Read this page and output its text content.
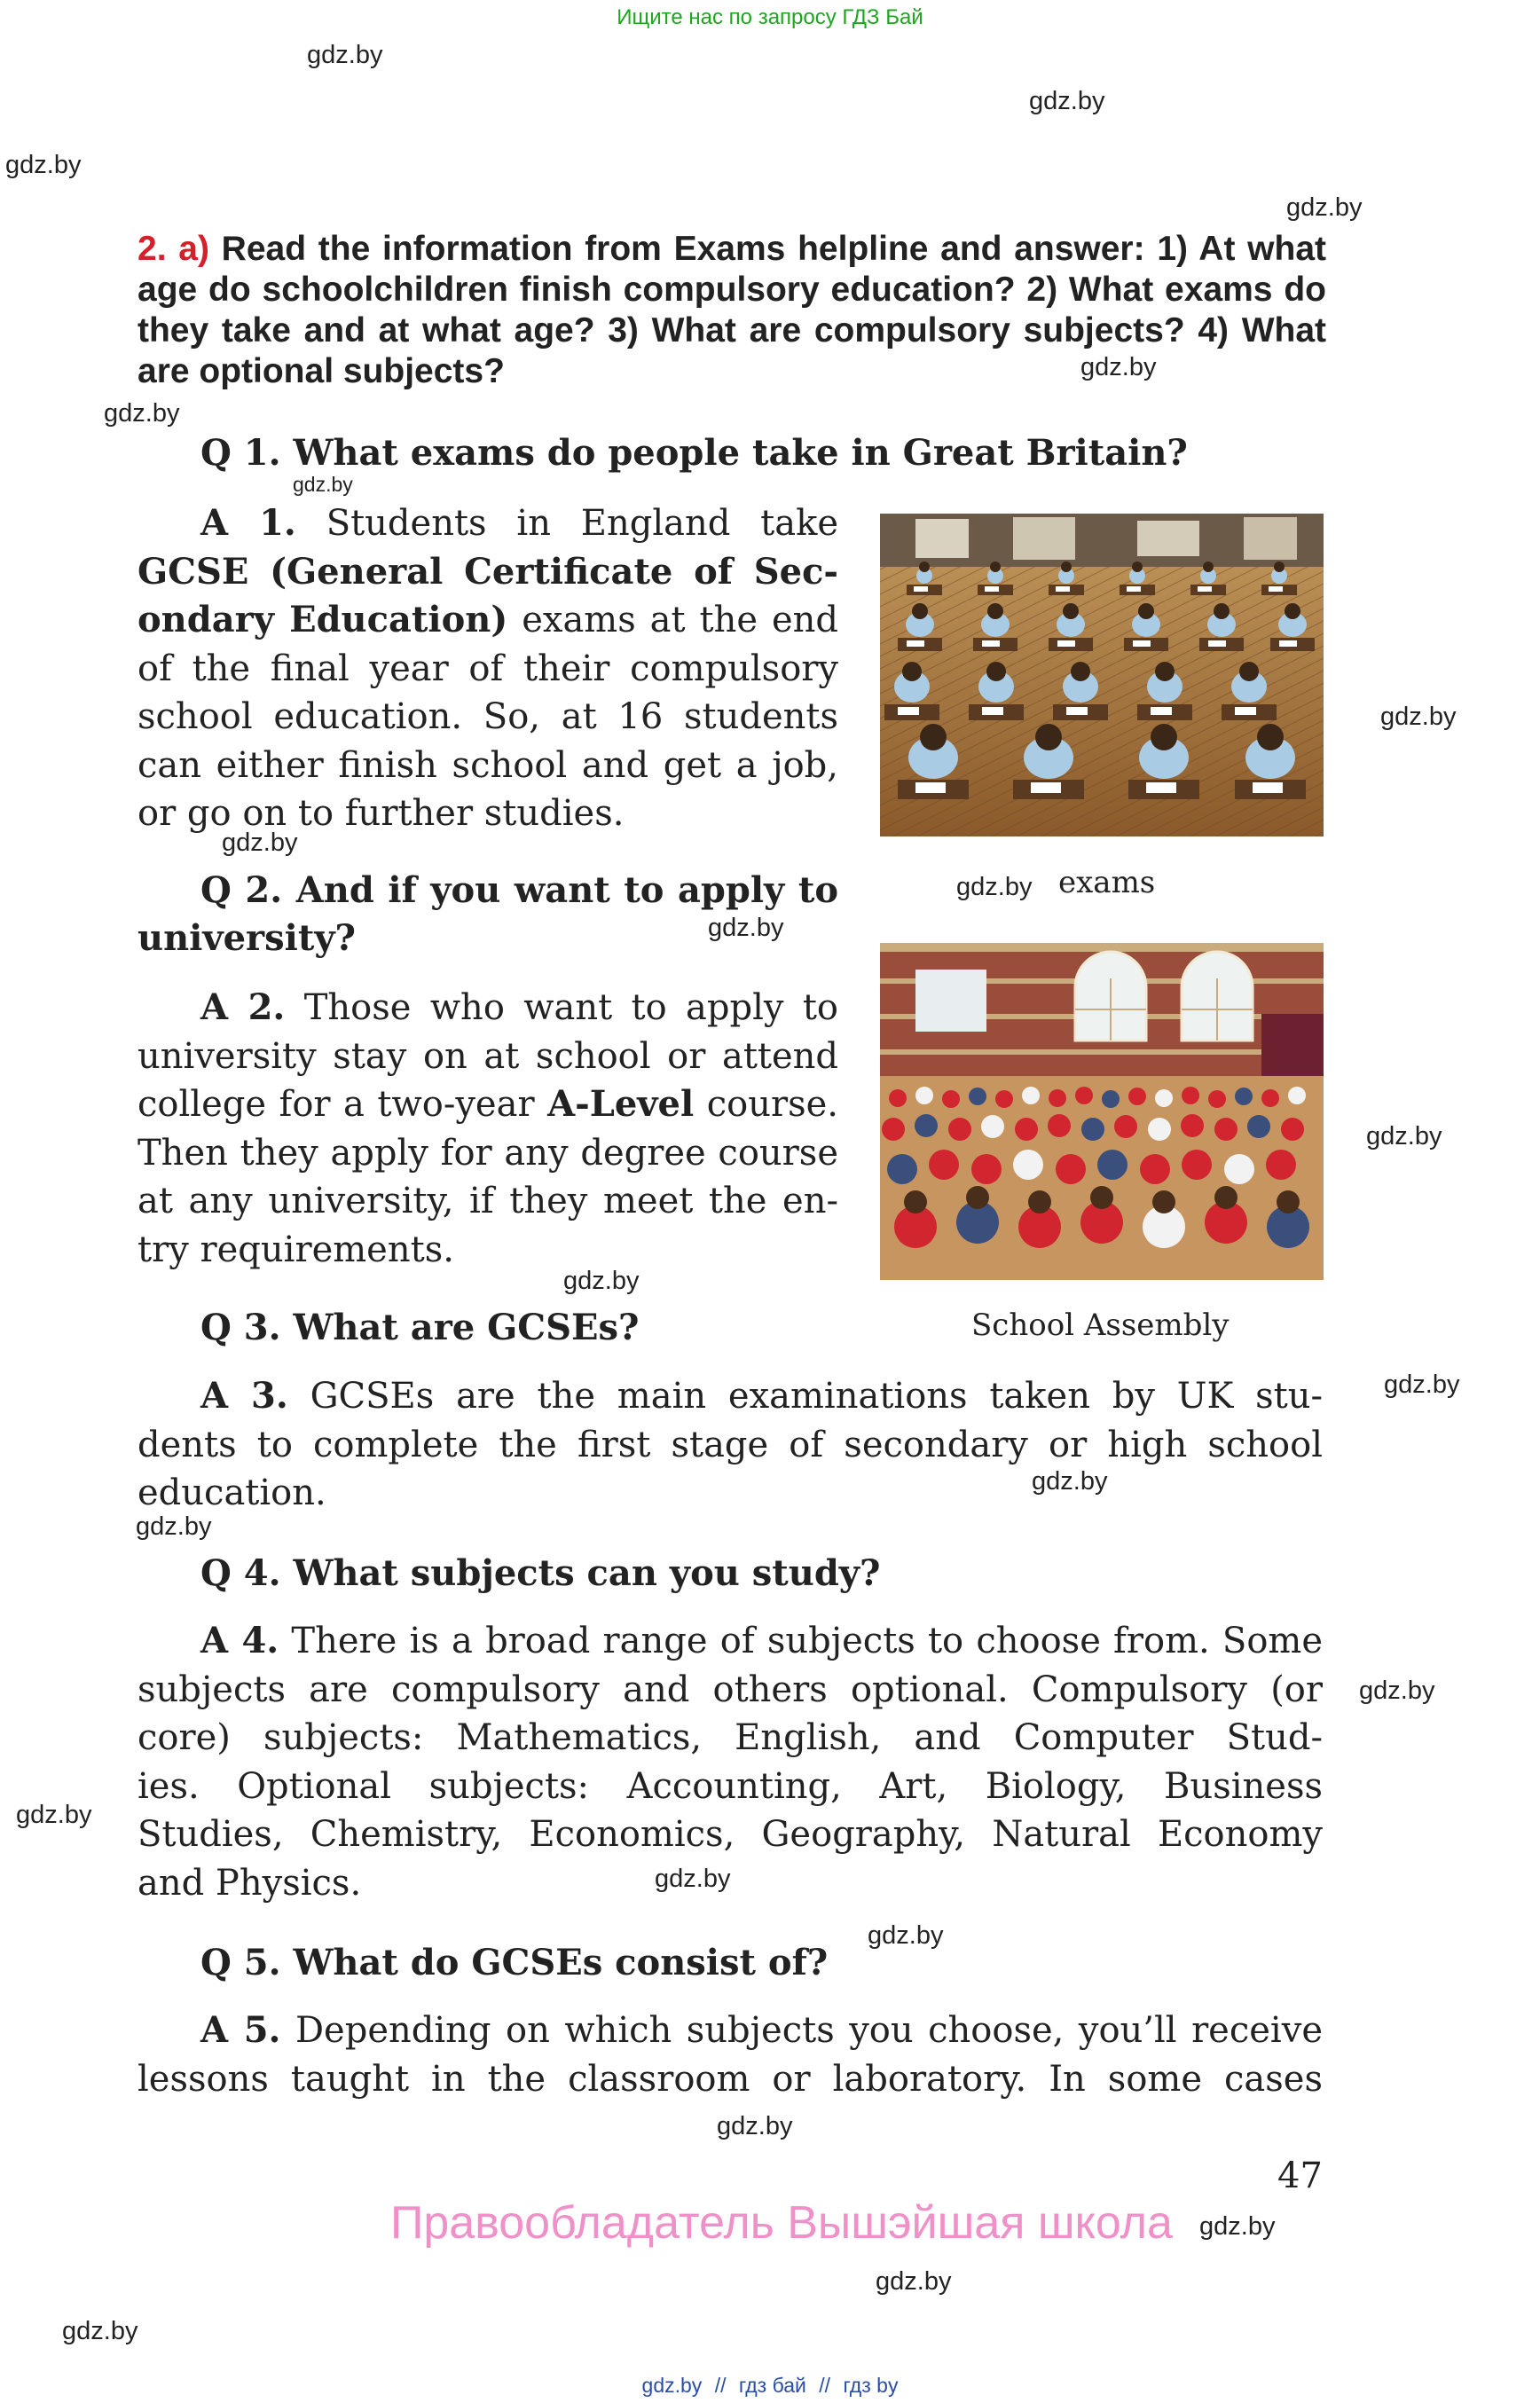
Ищите нас по запросу ГДЗ Бай
gdz.by
gdz.by
gdz.by
gdz.by
gdz.by
gdz.by
gdz.by
gdz.by
gdz.by
gdz.by
gdz.by
gdz.by
gdz.by
gdz.by
gdz.by
gdz.by
gdz.by
gdz.by
gdz.by
gdz.by
gdz.by
gdz.by
gdz.by
gdz.by
2. a) Read the information from Exams helpline and answer: 1) At what age do schoolchildren finish compulsory education? 2) What exams do they take and at what age? 3) What are compulsory subjects? 4) What are optional subjects?
Q 1. What exams do people take in Great Britain?
A 1. Students in England take
GCSE (General Certificate of Sec-
ondary Education) exams at the end
of the final year of their compulsory
school education. So, at 16 students
can either finish school and get a job,
or go on to further studies.
Q 2. And if you want to apply to
university?
exams
A 2. Those who want to apply to
university stay on at school or attend
college for a two-year A-Level course.
Then they apply for any degree course
at any university, if they meet the en-
try requirements.
Q 3. What are GCSEs?	School Assembly
A 3. GCSEs are the main examinations taken by UK stu-
dents to complete the first stage of secondary or high school
education.
Q 4. What subjects can you study?
A 4. There is a broad range of subjects to choose from. Some
subjects are compulsory and others optional. Compulsory (or
core) subjects: Mathematics, English, and Computer Stud-
ies. Optional subjects: Accounting, Art, Biology, Business
Studies, Chemistry, Economics, Geography, Natural Economy
and Physics.
Q 5. What do GCSEs consist of?
A 5. Depending on which subjects you choose, you’ll receive
lessons taught in the classroom or laboratory. In some cases
47
Правообладатель Вышэйшая школа
gdz.by // гдз бай // гдз by
